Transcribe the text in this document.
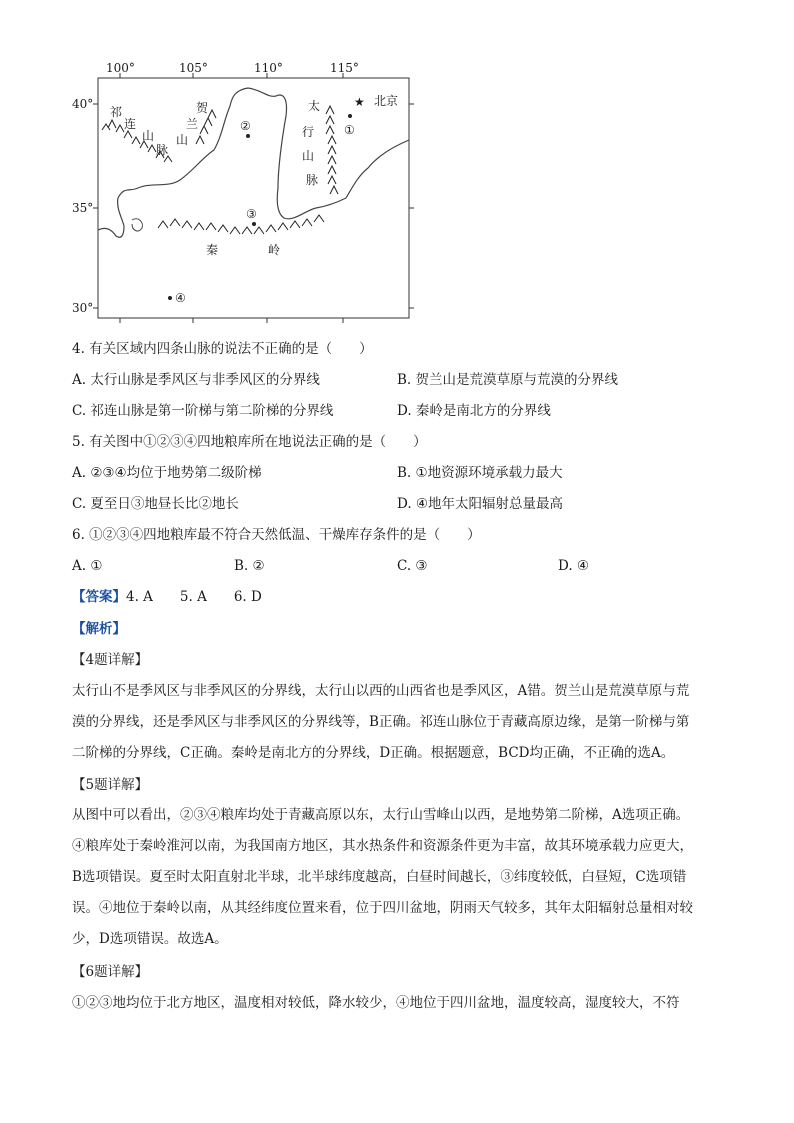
100°	105°	110°	115°
40°
35°
30°
祁
连
山
脉
贺
兰
山
太
行
山
脉
秦	岭
★ 北京
①
②
③
④
4. 有关区域内四条山脉的说法不正确的是（　　）
A. 太行山脉是季风区与非季风区的分界线	B. 贺兰山是荒漠草原与荒漠的分界线
C. 祁连山脉是第一阶梯与第二阶梯的分界线	D. 秦岭是南北方的分界线
5. 有关图中①②③④四地粮库所在地说法正确的是（　　）
A. ②③④均位于地势第二级阶梯	B. ①地资源环境承载力最大
C. 夏至日③地昼长比②地长	D. ④地年太阳辐射总量最高
6. ①②③④四地粮库最不符合天然低温、干燥库存条件的是（　　）
A. ①	B. ②	C. ③	D. ④
【答案】4. A　　5. A　　6. D
【解析】
【4题详解】
太行山不是季风区与非季风区的分界线，太行山以西的山西省也是季风区，A错。贺兰山是荒漠草原与荒
漠的分界线，还是季风区与非季风区的分界线等，B正确。祁连山脉位于青藏高原边缘，是第一阶梯与第
二阶梯的分界线，C正确。秦岭是南北方的分界线，D正确。根据题意，BCD均正确，不正确的选A。
【5题详解】
从图中可以看出，②③④粮库均处于青藏高原以东，太行山雪峰山以西，是地势第二阶梯，A选项正确。
④粮库处于秦岭淮河以南，为我国南方地区，其水热条件和资源条件更为丰富，故其环境承载力应更大，
B选项错误。夏至时太阳直射北半球，北半球纬度越高，白昼时间越长，③纬度较低，白昼短，C选项错
误。④地位于秦岭以南，从其经纬度位置来看，位于四川盆地，阴雨天气较多，其年太阳辐射总量相对较
少，D选项错误。故选A。
【6题详解】
①②③地均位于北方地区，温度相对较低，降水较少，④地位于四川盆地，温度较高，湿度较大，不符
